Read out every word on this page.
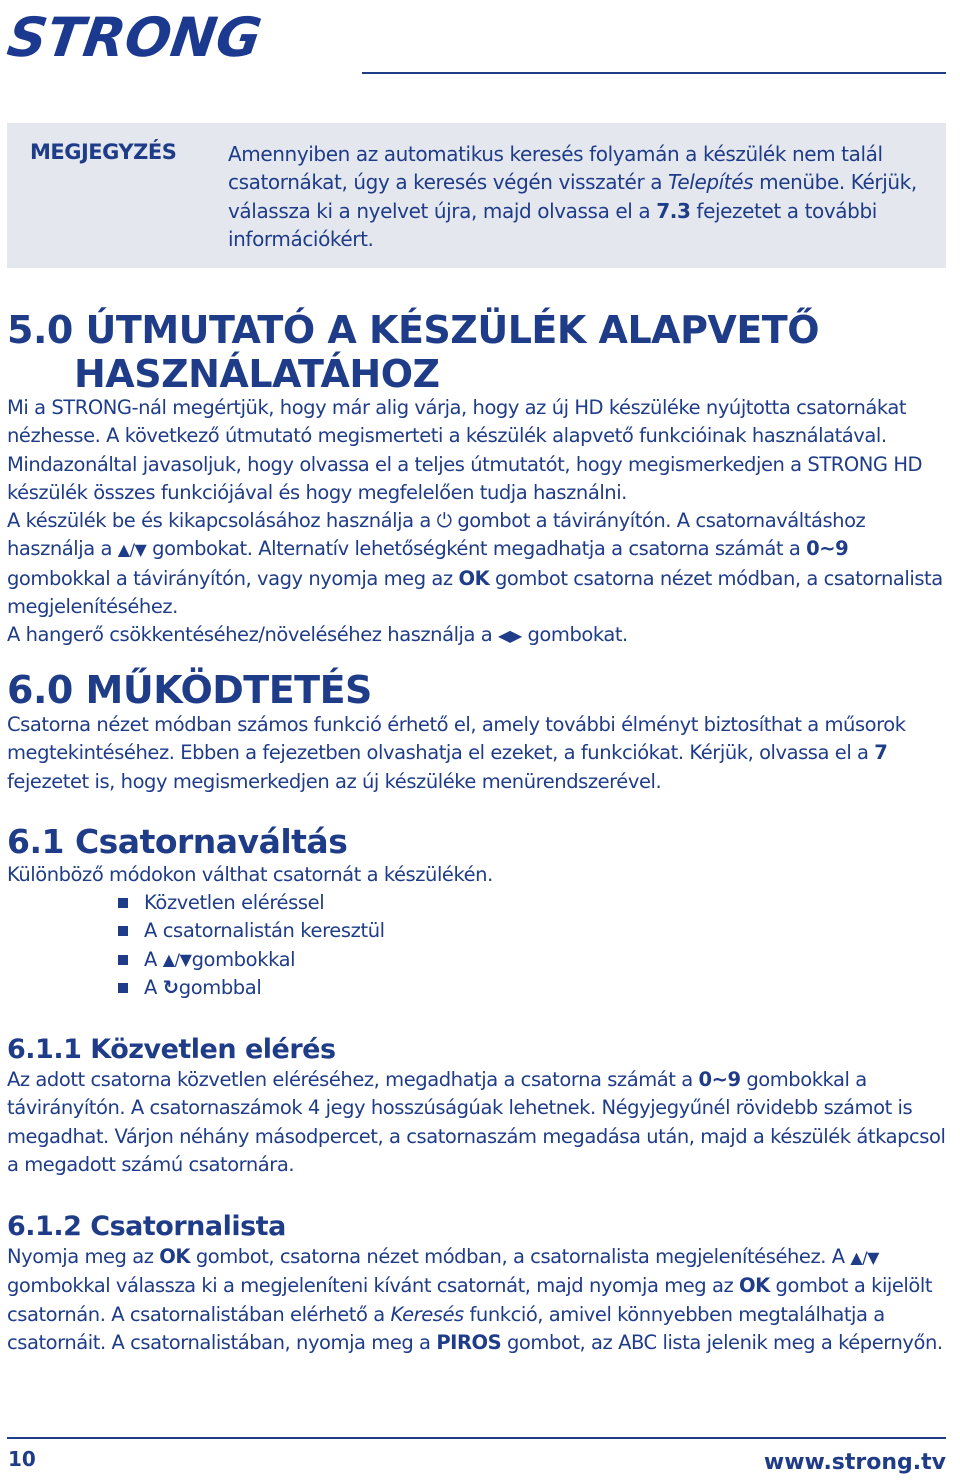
STRONG
MEGJEGYZÉS	Amennyiben az automatikus keresés folyamán a készülék nem talál csatornákat, úgy a keresés végén visszatér a Telepítés menübe. Kérjük, válassza ki a nyelvet újra, majd olvassa el a 7.3 fejezetet a további információkért.
5.0 ÚTMUTATÓ A KÉSZÜLÉK ALAPVETŐ
HASZNÁLATÁHOZ

Mi a STRONG-nál megértjük, hogy már alig várja, hogy az új HD készüléke nyújtotta csatornákat nézhesse. A következő útmutató megismerteti a készülék alapvető funkcióinak használatával. Mindazonáltal javasoljuk, hogy olvassa el a teljes útmutatót, hogy megismerkedjen a STRONG HD készülék összes funkciójával és hogy megfelelően tudja használni.

A készülék be és kikapcsolásához használja a ⏻ gombot a távirányítón. A csatornaváltáshoz használja a ▲/▼ gombokat. Alternatív lehetőségként megadhatja a csatorna számát a 0~9 gombokkal a távirányítón, vagy nyomja meg az OK gombot csatorna nézet módban, a csatornalista megjelenítéséhez.

A hangerő csökkentéséhez/növeléséhez használja a ◀▶ gombokat.

6.0 MŰKÖDTETÉS
Csatorna nézet módban számos funkció érhető el, amely további élményt biztosíthat a műsorok megtekintéséhez. Ebben a fejezetben olvashatja el ezeket, a funkciókat. Kérjük, olvassa el a 7 fejezetet is, hogy megismerkedjen az új készüléke menürendszerével.
6.1 Csatornaváltás
Különböző módokon válthat csatornát a készülékén.
Közvetlen eléréssel
A csatornalistán keresztül
A
▲/▼ gombokkal
A
↻ gombbal
6.1.1 Közvetlen elérés
Az adott csatorna közvetlen eléréséhez, megadhatja a csatorna számát a 0~9 gombokkal a távirányítón. A csatornaszámok 4 jegy hosszúságúak lehetnek. Négyjegyűnél rövidebb számot is megadhat. Várjon néhány másodpercet, a csatornaszám megadása után, majd a készülék átkapcsol a megadott számú csatornára.
6.1.2 Csatornalista
Nyomja meg az OK gombot, csatorna nézet módban, a csatornalista megjelenítéséhez. A ▲/▼ gombokkal válassza ki a megjeleníteni kívánt csatornát, majd nyomja meg az OK gombot a kijelölt csatornán. A csatornalistában elérhető a Keresés funkció, amivel könnyebben megtalálhatja a csatornáit. A csatornalistában, nyomja meg a PIROS gombot, az ABC lista jelenik meg a képernyőn.
10	www.strong.tv
